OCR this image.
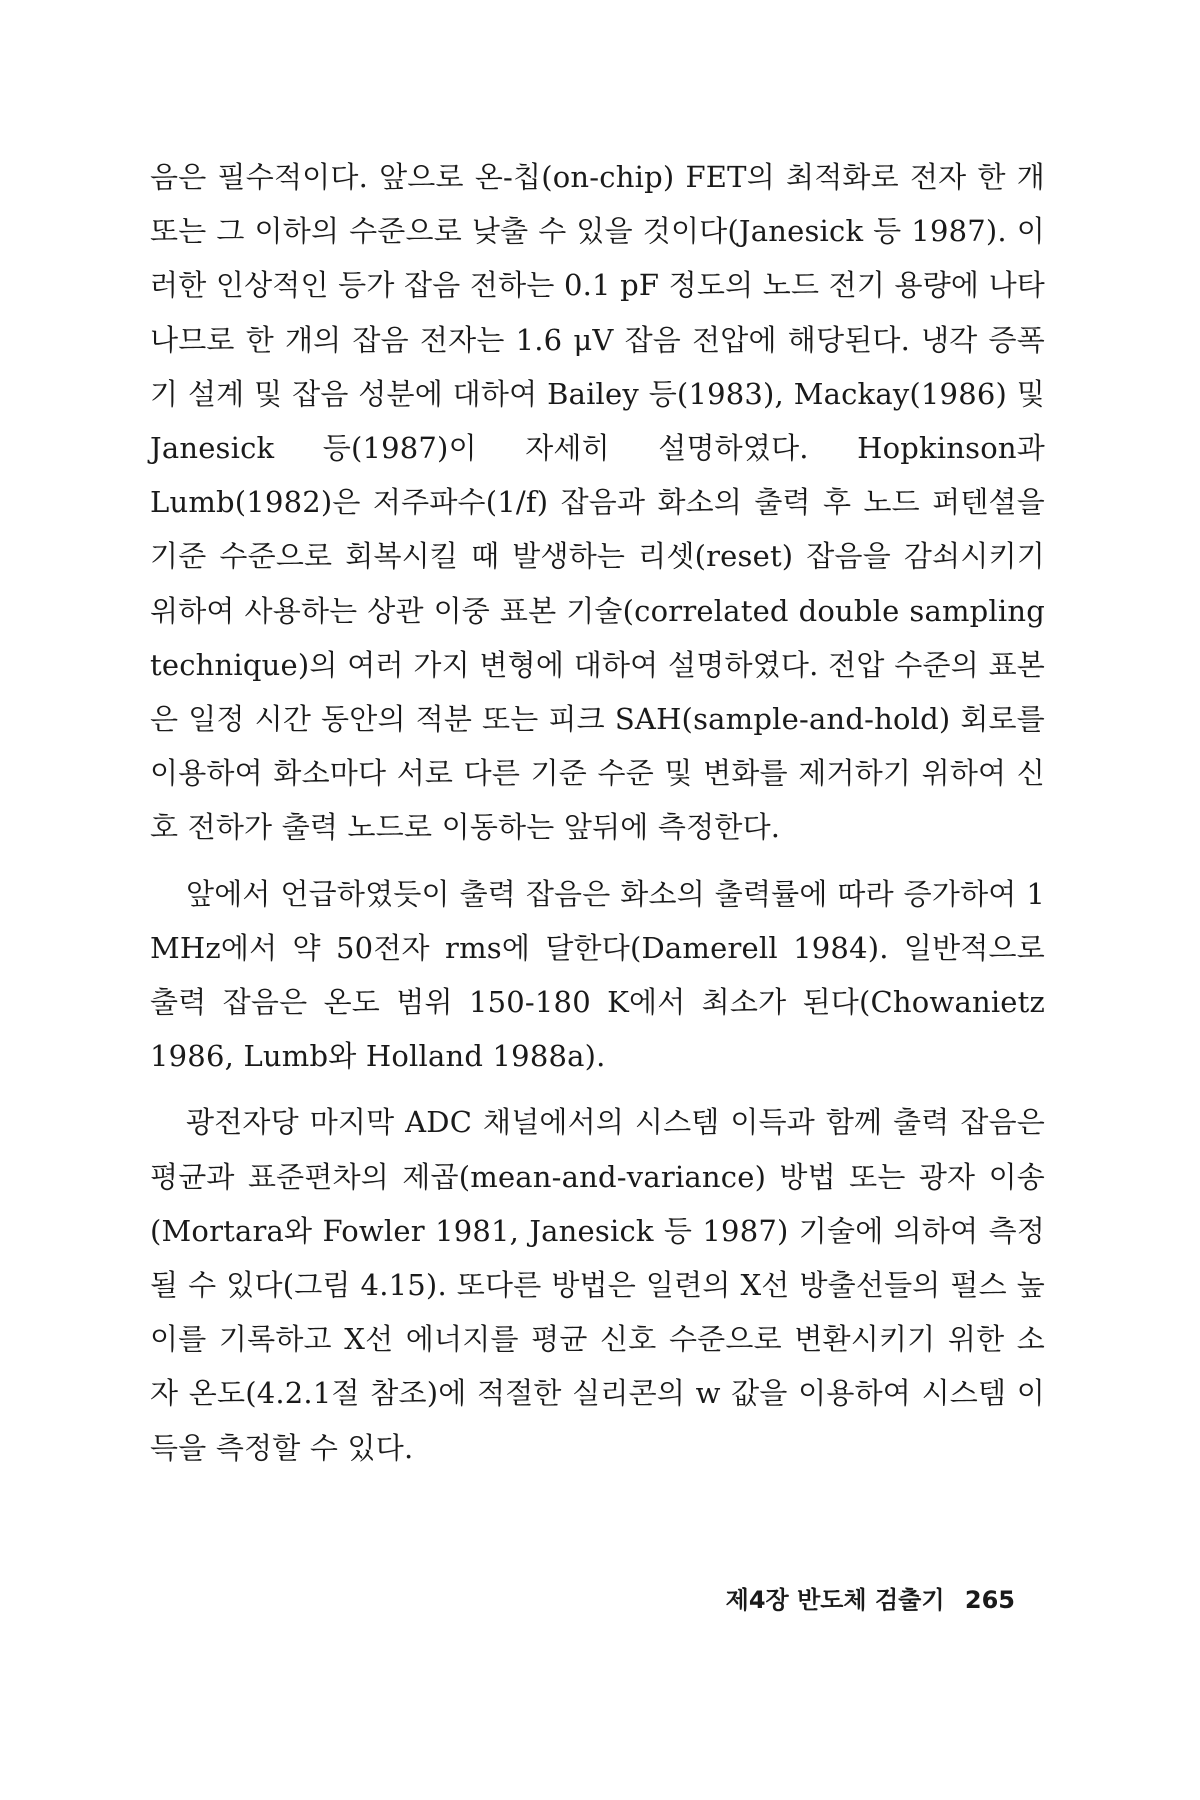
음은 필수적이다. 앞으로 온-칩(on-chip) FET의 최적화로 전자 한 개 또는 그 이하의 수준으로 낮출 수 있을 것이다(Janesick 등 1987). 이러한 인상적인 등가 잡음 전하는 0.1 pF 정도의 노드 전기 용량에 나타나므로 한 개의 잡음 전자는 1.6 μV 잡음 전압에 해당된다. 냉각 증폭기 설계 및 잡음 성분에 대하여 Bailey 등(1983), Mackay(1986) 및 Janesick 등(1987)이 자세히 설명하였다. Hopkinson과 Lumb(1982)은 저주파수(1/f) 잡음과 화소의 출력 후 노드 퍼텐셜을 기준 수준으로 회복시킬 때 발생하는 리셋(reset) 잡음을 감쇠시키기 위하여 사용하는 상관 이중 표본 기술(correlated double sampling technique)의 여러 가지 변형에 대하여 설명하였다. 전압 수준의 표본은 일정 시간 동안의 적분 또는 피크 SAH(sample-and-hold) 회로를 이용하여 화소마다 서로 다른 기준 수준 및 변화를 제거하기 위하여 신호 전하가 출력 노드로 이동하는 앞뒤에 측정한다.

앞에서 언급하였듯이 출력 잡음은 화소의 출력률에 따라 증가하여 1 MHz에서 약 50전자 rms에 달한다(Damerell 1984). 일반적으로 출력 잡음은 온도 범위 150-180 K에서 최소가 된다(Chowanietz 1986, Lumb와 Holland 1988a).

광전자당 마지막 ADC 채널에서의 시스템 이득과 함께 출력 잡음은 평균과 표준편차의 제곱(mean-and-variance) 방법 또는 광자 이송(Mortara와 Fowler 1981, Janesick 등 1987) 기술에 의하여 측정될 수 있다(그림 4.15). 또다른 방법은 일련의 X선 방출선들의 펄스 높이를 기록하고 X선 에너지를 평균 신호 수준으로 변환시키기 위한 소자 온도(4.2.1절 참조)에 적절한 실리콘의 w 값을 이용하여 시스템 이득을 측정할 수 있다.

제4장 반도체 검출기 265
